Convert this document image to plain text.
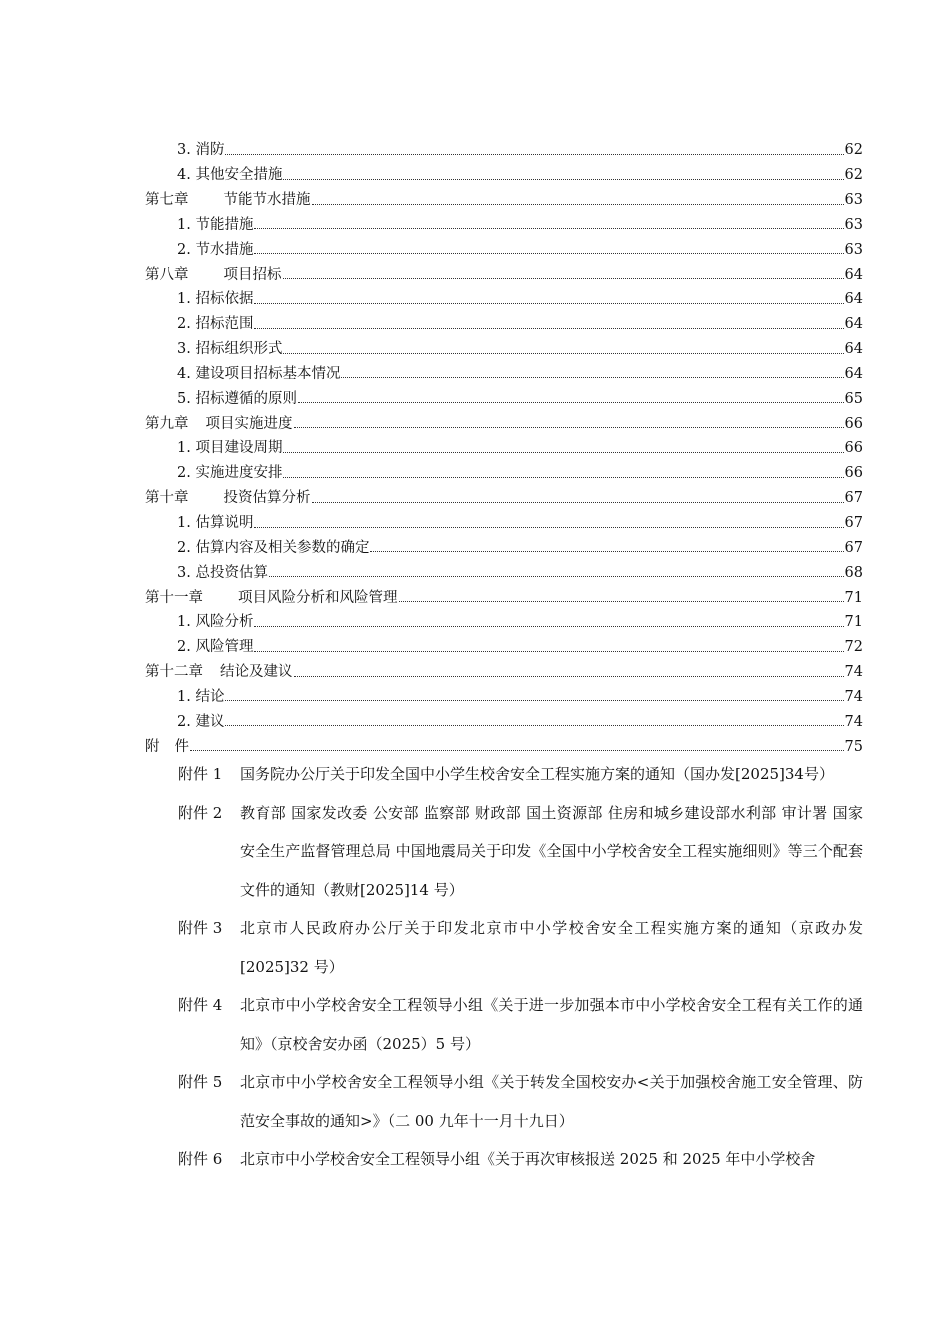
3. 消防	62
4. 其他安全措施	62
第七章 节能节水措施	63
1. 节能措施	63
2. 节水措施	63
第八章 项目招标	64
1. 招标依据	64
2. 招标范围	64
3. 招标组织形式	64
4. 建设项目招标基本情况	64
5. 招标遵循的原则	65
第九章 项目实施进度	66
1. 项目建设周期	66
2. 实施进度安排	66
第十章 投资估算分析	67
1. 估算说明	67
2. 估算内容及相关参数的确定	67
3. 总投资估算	68
第十一章 项目风险分析和风险管理	71
1. 风险分析	71
2. 风险管理	72
第十二章 结论及建议	74
1. 结论	74
2. 建议	74
附 件	75
附件 1	国务院办公厅关于印发全国中小学生校舍安全工程实施方案的通知（国办发[2025]34号）
附件 2	教育部 国家发改委 公安部 监察部 财政部 国土资源部 住房和城乡建设部水利部 审计署 国家安全生产监督管理总局 中国地震局关于印发《全国中小学校舍安全工程实施细则》等三个配套文件的通知（教财[2025]14 号）
附件 3	北京市人民政府办公厅关于印发北京市中小学校舍安全工程实施方案的通知（京政办发[2025]32 号）
附件 4	北京市中小学校舍安全工程领导小组《关于进一步加强本市中小学校舍安全工程有关工作的通知》（京校舍安办函（2025）5 号）
附件 5	北京市中小学校舍安全工程领导小组《关于转发全国校安办<关于加强校舍施工安全管理、防范安全事故的通知>》（二 00 九年十一月十九日）
附件 6	北京市中小学校舍安全工程领导小组《关于再次审核报送 2025 和 2025 年中小学校舍
